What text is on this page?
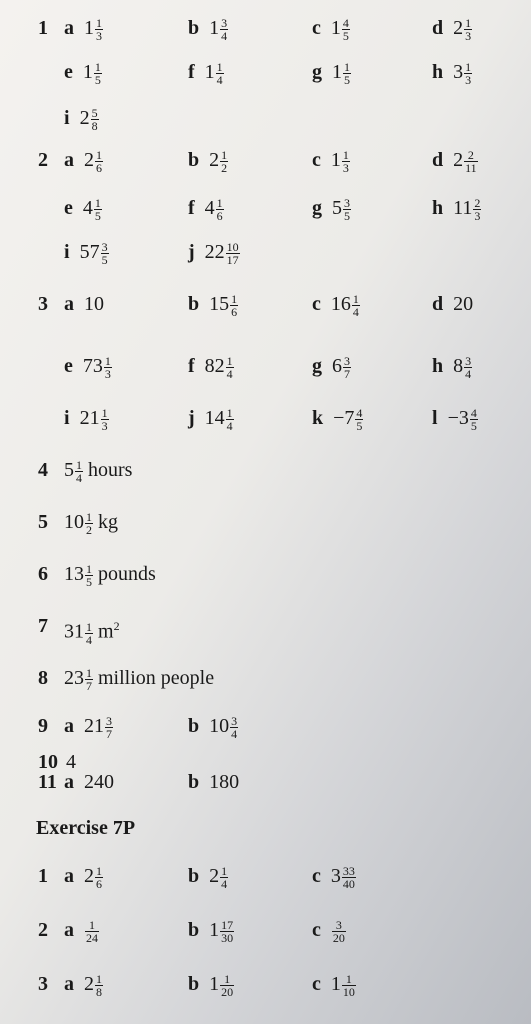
Exercise 7P
1 a $1 \frac{1}{3}$	b $1 \frac{3}{4}$	c $1 \frac{4}{5}$	d $2 \frac{1}{3}$
e $1 \frac{1}{5}$	f $1 \frac{1}{4}$	g $1 \frac{1}{5}$	h $3 \frac{1}{3}$
i $2 \frac{5}{8}$
2 a $2 \frac{1}{6}$	b $2 \frac{1}{2}$	c $1 \frac{1}{3}$	d $2 \frac{2}{11}$
e $4 \frac{1}{5}$	f $4 \frac{1}{6}$	g $5 \frac{3}{5}$	h $11 \frac{2}{3}$
i $57 \frac{3}{5}$	j $22 \frac{10}{17}$
3 a 10	b $15 \frac{1}{6}$	c $16 \frac{1}{4}$	d 20
e $73 \frac{1}{3}$	f $82 \frac{1}{4}$	g $6 \frac{3}{7}$	h $8 \frac{3}{4}$
i $21 \frac{1}{3}$	j $14 \frac{1}{4}$	$k -7 \frac{4}{5}$	$l -3 \frac{4}{5}$
4 $5 \frac{1}{4}$ hours
5 $10 \frac{1}{2}$ kg
6 $13 \frac{1}{5}$ pounds
7 $31 \frac{1}{4} m^2$
8 $23 \frac{1}{7}$ million people
9 a $21 \frac{3}{7}$	b $10 \frac{3}{4}$
10 4
11 a 240	b 180
1 a $2 \frac{1}{6}$	b $2 \frac{1}{4}$	c $3 \frac{33}{40}$
2 a $\frac{1}{24}$	b $1 \frac{17}{30}$	c $\frac{3}{20}$
3 a $2 \frac{1}{8}$	b $1 \frac{1}{20}$	c $1 \frac{1}{10}$
